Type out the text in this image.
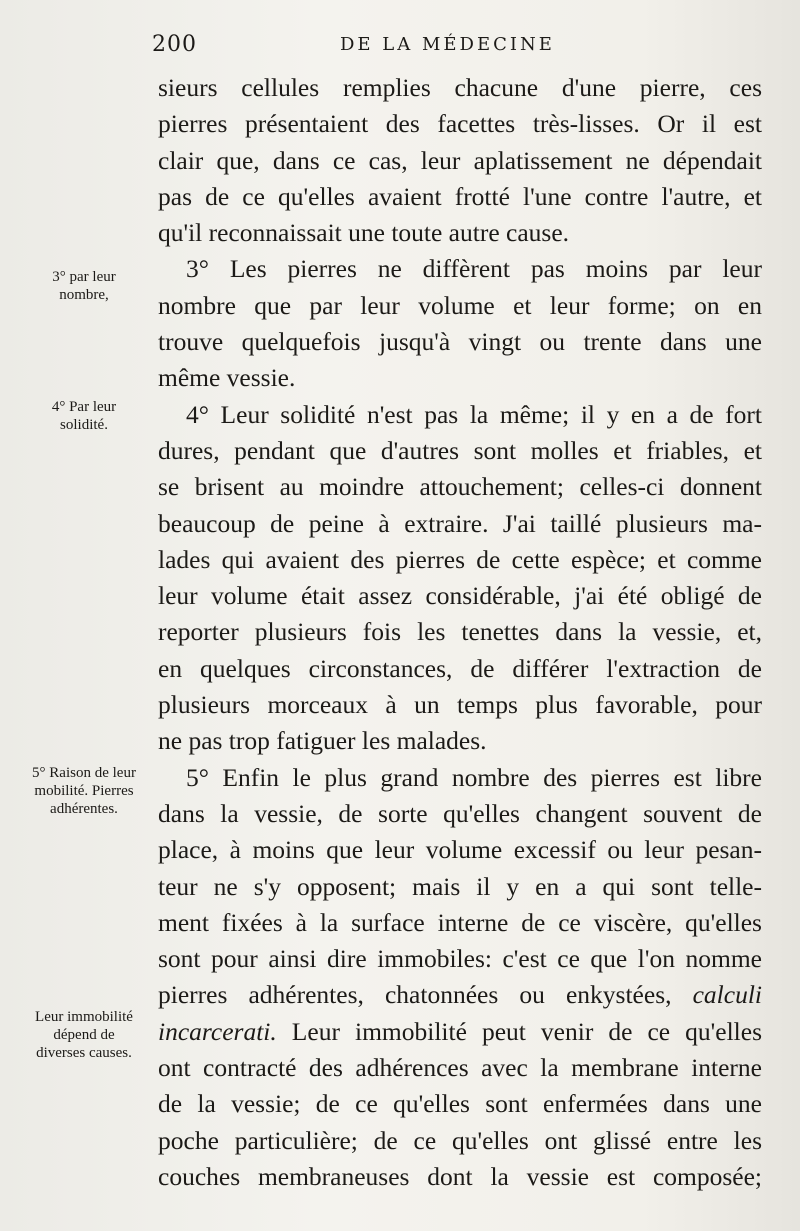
200	DE LA MÉDECINE
3° par leur nombre,
4° Par leur solidité.
5° Raison de leur mobilité. Pierres adhérentes.
Leur immobilité dépend de diverses causes.
sieurs cellules remplies chacune d'une pierre, ces
pierres présentaient des facettes très-lisses. Or il est
clair que, dans ce cas, leur aplatissement ne dépendait
pas de ce qu'elles avaient frotté l'une contre l'autre, et
qu'il reconnaissait une toute autre cause.
3° Les pierres ne diffèrent pas moins par leur
nombre que par leur volume et leur forme; on en
trouve quelquefois jusqu'à vingt ou trente dans une
même vessie.
4° Leur solidité n'est pas la même; il y en a de fort
dures, pendant que d'autres sont molles et friables, et
se brisent au moindre attouchement; celles-ci donnent
beaucoup de peine à extraire. J'ai taillé plusieurs ma-
lades qui avaient des pierres de cette espèce; et comme
leur volume était assez considérable, j'ai été obligé de
reporter plusieurs fois les tenettes dans la vessie, et,
en quelques circonstances, de différer l'extraction de
plusieurs morceaux à un temps plus favorable, pour
ne pas trop fatiguer les malades.
5° Enfin le plus grand nombre des pierres est libre
dans la vessie, de sorte qu'elles changent souvent de
place, à moins que leur volume excessif ou leur pesan-
teur ne s'y opposent; mais il y en a qui sont telle-
ment fixées à la surface interne de ce viscère, qu'elles
sont pour ainsi dire immobiles: c'est ce que l'on nomme
pierres adhérentes, chatonnées ou enkystées, calculi
incarcerati. Leur immobilité peut venir de ce qu'elles
ont contracté des adhérences avec la membrane interne
de la vessie; de ce qu'elles sont enfermées dans une
poche particulière; de ce qu'elles ont glissé entre les
couches membraneuses dont la vessie est composée;
